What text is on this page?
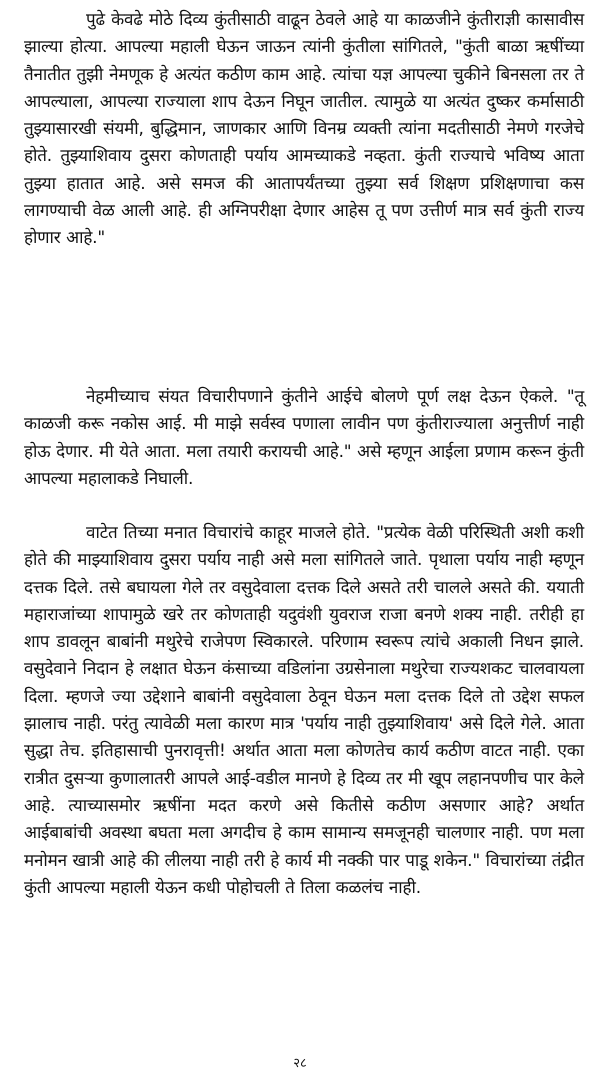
पुढे केवढे मोठे दिव्य कुंतीसाठी वाढून ठेवले आहे या काळजीने कुंतीराज्ञी कासावीस झाल्या होत्या. आपल्या महाली घेऊन जाऊन त्यांनी कुंतीला सांगितले, "कुंती बाळा ऋषींच्या तैनातीत तुझी नेमणूक हे अत्यंत कठीण काम आहे. त्यांचा यज्ञ आपल्या चुकीने बिनसला तर ते आपल्याला, आपल्या राज्याला शाप देऊन निघून जातील. त्यामुळे या अत्यंत दुष्कर कर्मासाठी तुझ्यासारखी संयमी, बुद्धिमान, जाणकार आणि विनम्र व्यक्ती त्यांना मदतीसाठी नेमणे गरजेचे होते. तुझ्याशिवाय दुसरा कोणताही पर्याय आमच्याकडे नव्हता. कुंती राज्याचे भविष्य आता तुझ्या हातात आहे. असे समज की आतापर्यंतच्या तुझ्या सर्व शिक्षण प्रशिक्षणाचा कस लागण्याची वेळ आली आहे. ही अग्निपरीक्षा देणार आहेस तू पण उत्तीर्ण मात्र सर्व कुंती राज्य होणार आहे."

नेहमीच्याच संयत विचारीपणाने कुंतीने आईचे बोलणे पूर्ण लक्ष देऊन ऐकले. "तू काळजी करू नकोस आई. मी माझे सर्वस्व पणाला लावीन पण कुंतीराज्याला अनुत्तीर्ण नाही होऊ देणार. मी येते आता. मला तयारी करायची आहे." असे म्हणून आईला प्रणाम करून कुंती आपल्या महालाकडे निघाली.

वाटेत तिच्या मनात विचारांचे काहूर माजले होते. "प्रत्येक वेळी परिस्थिती अशी कशी होते की माझ्याशिवाय दुसरा पर्याय नाही असे मला सांगितले जाते. पृथाला पर्याय नाही म्हणून दत्तक दिले. तसे बघायला गेले तर वसुदेवाला दत्तक दिले असते तरी चालले असते की. ययाती महाराजांच्या शापामुळे खरे तर कोणताही यदुवंशी युवराज राजा बनणे शक्य नाही. तरीही हा शाप डावलून बाबांनी मथुरेचे राजेपण स्विकारले. परिणाम स्वरूप त्यांचे अकाली निधन झाले. वसुदेवाने निदान हे लक्षात घेऊन कंसाच्या वडिलांना उग्रसेनाला मथुरेचा राज्यशकट चालवायला दिला. म्हणजे ज्या उद्देशाने बाबांनी वसुदेवाला ठेवून घेऊन मला दत्तक दिले तो उद्देश सफल झालाच नाही. परंतु त्यावेळी मला कारण मात्र 'पर्याय नाही तुझ्याशिवाय' असे दिले गेले. आता सुद्धा तेच. इतिहासाची पुनरावृत्ती! अर्थात आता मला कोणतेच कार्य कठीण वाटत नाही. एका रात्रीत दुसऱ्या कुणालातरी आपले आई-वडील मानणे हे दिव्य तर मी खूप लहानपणीच पार केले आहे. त्याच्यासमोर ऋषींना मदत करणे असे कितीसे कठीण असणार आहे? अर्थात आईबाबांची अवस्था बघता मला अगदीच हे काम सामान्य समजूनही चालणार नाही. पण मला मनोमन खात्री आहे की लीलया नाही तरी हे कार्य मी नक्की पार पाडू शकेन." विचारांच्या तंद्रीत कुंती आपल्या महाली येऊन कधी पोहोचली ते तिला कळलंच नाही.

२८
